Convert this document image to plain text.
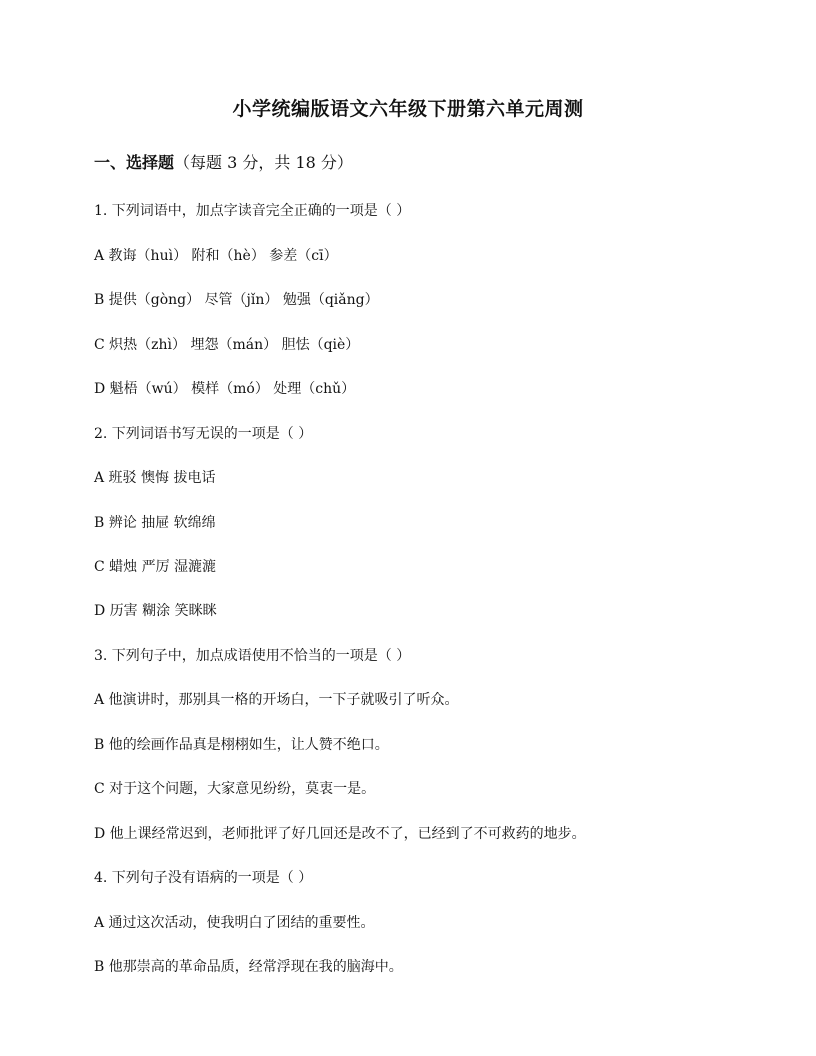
小学统编版语文六年级下册第六单元周测
一、选择题（每题 3 分，共 18 分）
1. 下列词语中，加点字读音完全正确的一项是（ ）
A 教诲（huì） 附和（hè） 参差（cī）
B 提供（gòng） 尽管（jǐn） 勉强（qiǎng）
C 炽热（zhì） 埋怨（mán） 胆怯（qiè）
D 魁梧（wú） 模样（mó） 处理（chǔ）
2. 下列词语书写无误的一项是（ ）
A 班驳 懊悔 拔电话
B 辨论 抽屉 软绵绵
C 蜡烛 严厉 湿漉漉
D 历害 糊涂 笑眯眯
3. 下列句子中，加点成语使用不恰当的一项是（ ）
A 他演讲时，那别具一格的开场白，一下子就吸引了听众。
B 他的绘画作品真是栩栩如生，让人赞不绝口。
C 对于这个问题，大家意见纷纷，莫衷一是。
D 他上课经常迟到，老师批评了好几回还是改不了，已经到了不可救药的地步。
4. 下列句子没有语病的一项是（ ）
A 通过这次活动，使我明白了团结的重要性。
B 他那崇高的革命品质，经常浮现在我的脑海中。
